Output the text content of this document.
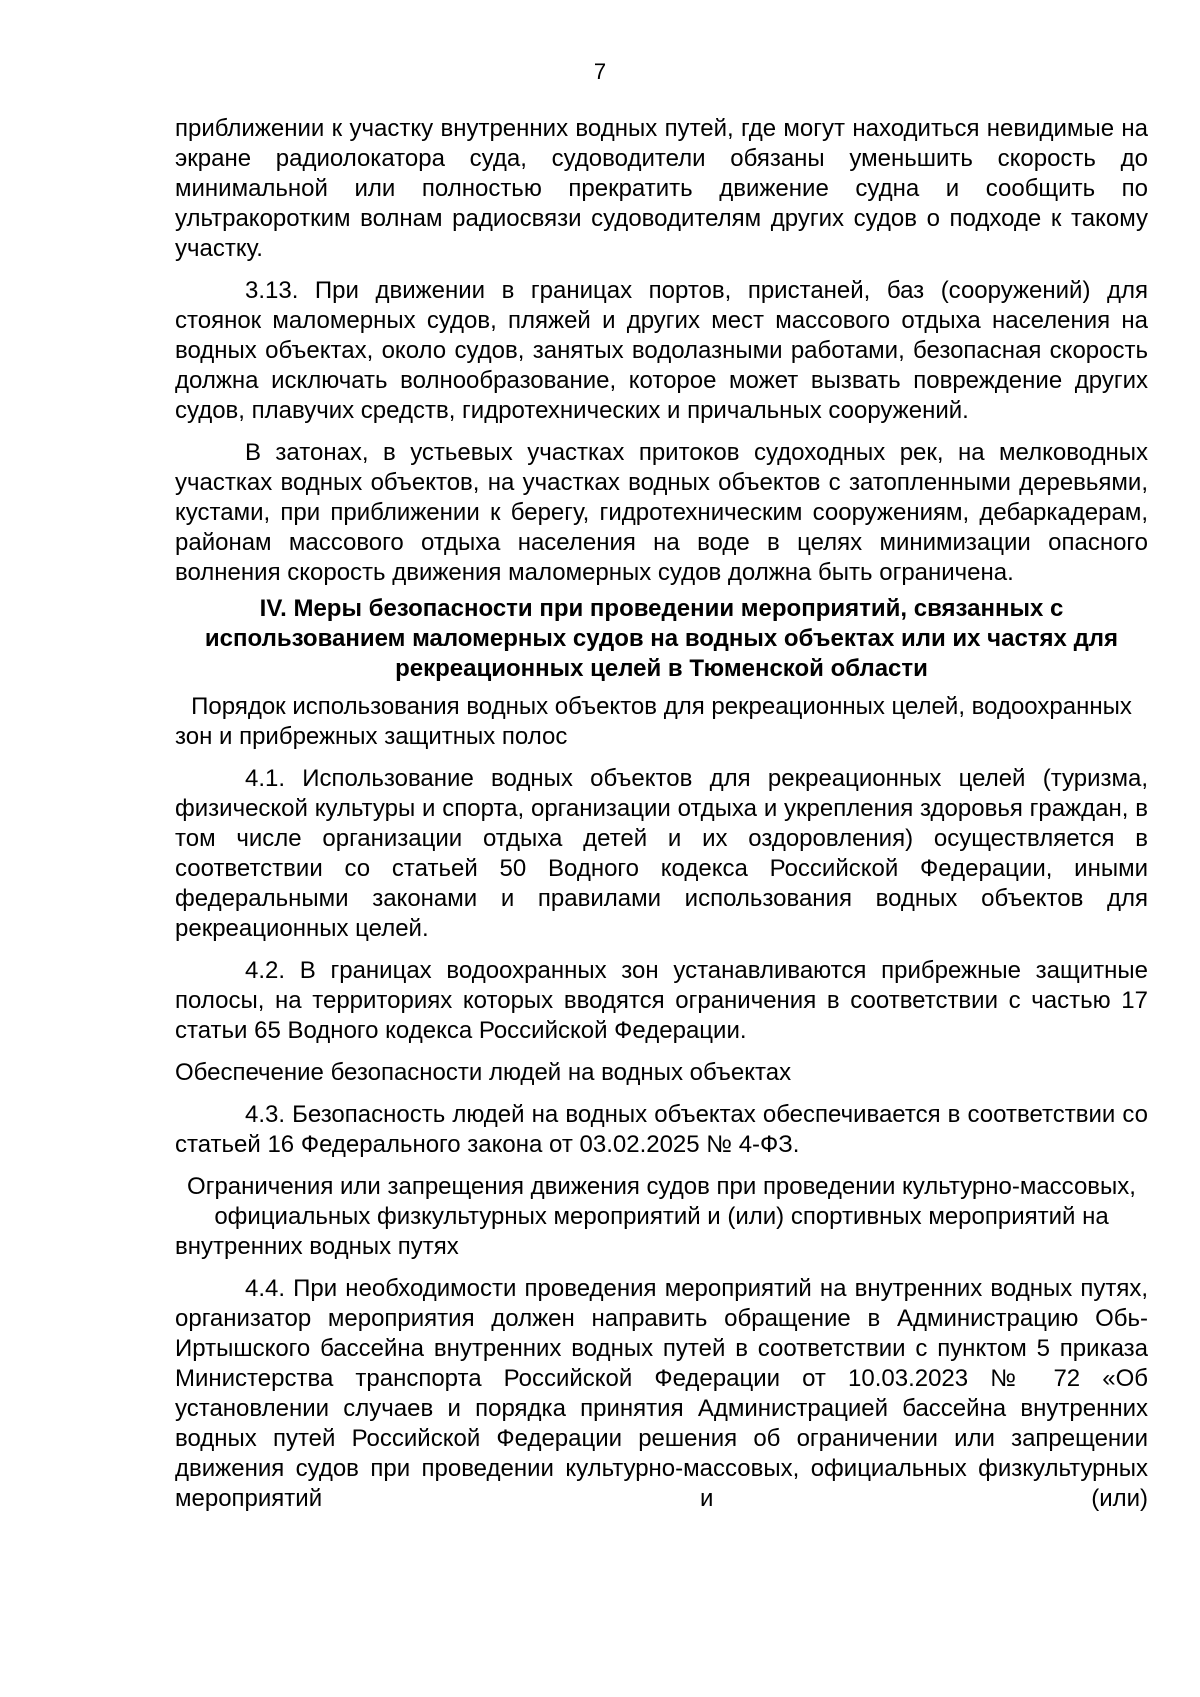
7

приближении к участку внутренних водных путей, где могут находиться невидимые на экране радиолокатора суда, судоводители обязаны уменьшить скорость до минимальной или полностью прекратить движение судна и сообщить по ультракоротким волнам радиосвязи судоводителям других судов о подходе к такому участку.

3.13. При движении в границах портов, пристаней, баз (сооружений) для стоянок маломерных судов, пляжей и других мест массового отдыха населения на водных объектах, около судов, занятых водолазными работами, безопасная скорость должна исключать волнообразование, которое может вызвать повреждение других судов, плавучих средств, гидротехнических и причальных сооружений.

В затонах, в устьевых участках притоков судоходных рек, на мелководных участках водных объектов, на участках водных объектов с затопленными деревьями, кустами, при приближении к берегу, гидротехническим сооружениям, дебаркадерам, районам массового отдыха населения на воде в целях минимизации опасного волнения скорость движения маломерных судов должна быть ограничена.

IV. Меры безопасности при проведении мероприятий, связанных с использованием маломерных судов на водных объектах или их частях для рекреационных целей в Тюменской области

Порядок использования водных объектов для рекреационных целей, водоохранных зон и прибрежных защитных полос

4.1. Использование водных объектов для рекреационных целей (туризма, физической культуры и спорта, организации отдыха и укрепления здоровья граждан, в том числе организации отдыха детей и их оздоровления) осуществляется в соответствии со статьей 50 Водного кодекса Российской Федерации, иными федеральными законами и правилами использования водных объектов для рекреационных целей.

4.2. В границах водоохранных зон устанавливаются прибрежные защитные полосы, на территориях которых вводятся ограничения в соответствии с частью 17 статьи 65 Водного кодекса Российской Федерации.

Обеспечение безопасности людей на водных объектах

4.3. Безопасность людей на водных объектах обеспечивается в соответствии со статьей 16 Федерального закона от 03.02.2025 № 4-ФЗ.

Ограничения или запрещения движения судов при проведении культурно-массовых, официальных физкультурных мероприятий и (или) спортивных мероприятий на внутренних водных путях

4.4. При необходимости проведения мероприятий на внутренних водных путях, организатор мероприятия должен направить обращение в Администрацию Обь-Иртышского бассейна внутренних водных путей в соответствии с пунктом 5 приказа Министерства транспорта Российской Федерации от 10.03.2023 № 72 «Об установлении случаев и порядка принятия Администрацией бассейна внутренних водных путей Российской Федерации решения об ограничении или запрещении движения судов при проведении культурно-массовых, официальных физкультурных мероприятий и (или)
